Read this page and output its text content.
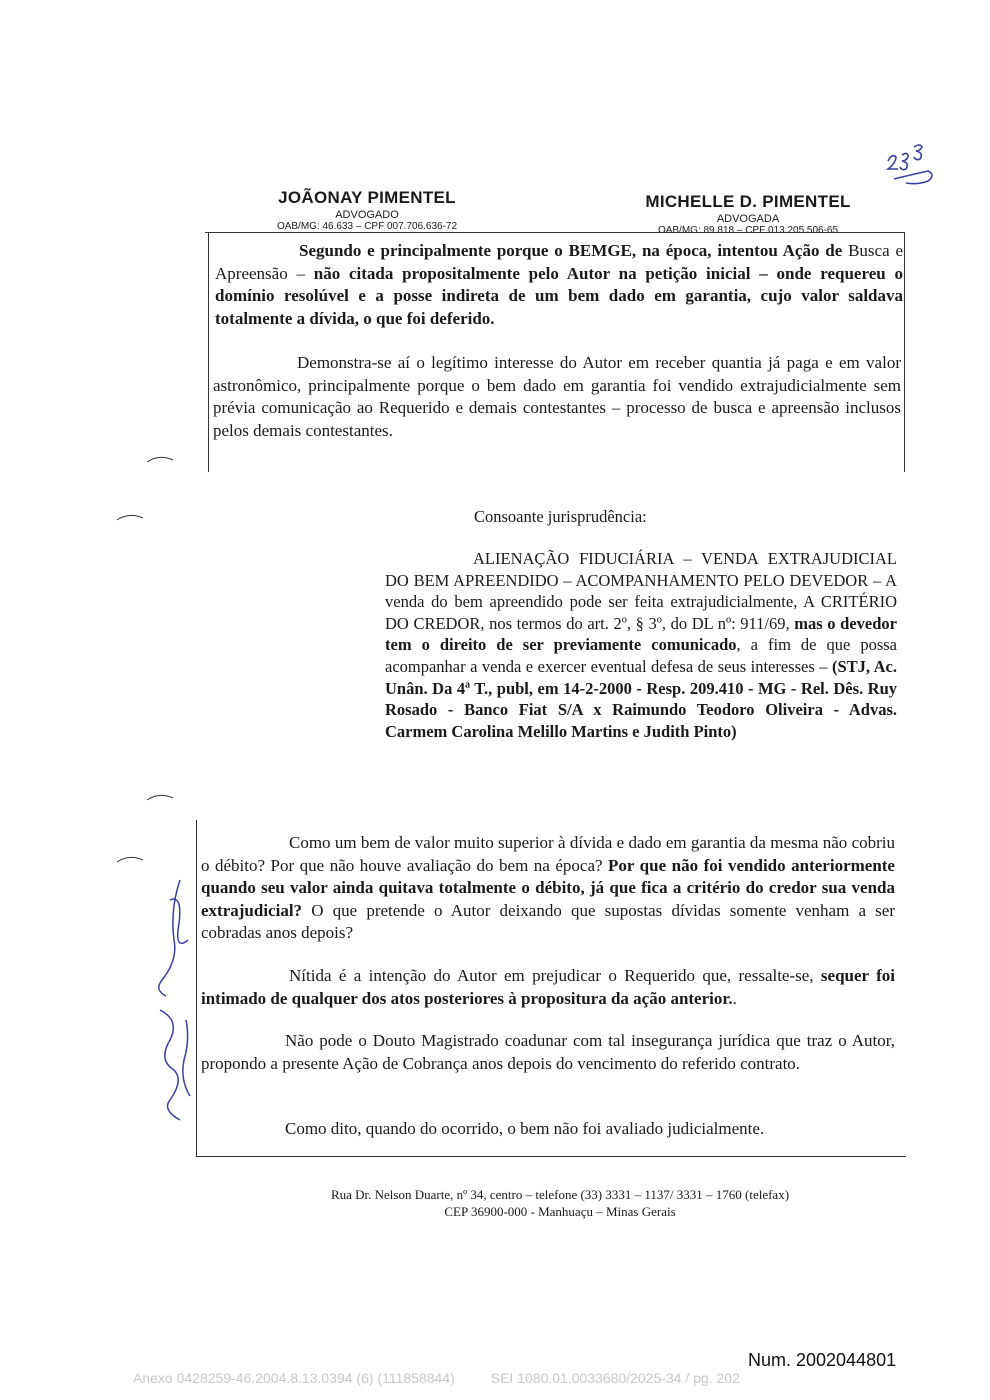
JOÃONAY PIMENTEL
ADVOGADO
OAB/MG: 46.633 – CPF 007.706.636-72
MICHELLE D. PIMENTEL
ADVOGADA
OAB/MG: 89.818 – CPF 013.205.506-65
Segundo e principalmente porque o BEMGE, na época, intentou Ação de Busca e Apreensão – não citada propositalmente pelo Autor na petição inicial – onde requereu o domínio resolúvel e a posse indireta de um bem dado em garantia, cujo valor saldava totalmente a dívida, o que foi deferido.
Demonstra-se aí o legítimo interesse do Autor em receber quantia já paga e em valor astronômico, principalmente porque o bem dado em garantia foi vendido extrajudicialmente sem prévia comunicação ao Requerido e demais contestantes – processo de busca e apreensão inclusos pelos demais contestantes.
Consoante jurisprudência:
ALIENAÇÃO FIDUCIÁRIA – VENDA EXTRAJUDICIAL DO BEM APREENDIDO – ACOMPANHAMENTO PELO DEVEDOR – A venda do bem apreendido pode ser feita extrajudicialmente, A CRITÉRIO DO CREDOR, nos termos do art. 2º, § 3º, do DL nº: 911/69, mas o devedor tem o direito de ser previamente comunicado, a fim de que possa acompanhar a venda e exercer eventual defesa de seus interesses – (STJ, Ac. Unân. Da 4ª T., publ, em 14-2-2000 - Resp. 209.410 - MG - Rel. Dês. Ruy Rosado - Banco Fiat S/A x Raimundo Teodoro Oliveira - Advas. Carmem Carolina Melillo Martins e Judith Pinto)
Como um bem de valor muito superior à dívida e dado em garantia da mesma não cobriu o débito? Por que não houve avaliação do bem na época? Por que não foi vendido anteriormente quando seu valor ainda quitava totalmente o débito, já que fica a critério do credor sua venda extrajudicial? O que pretende o Autor deixando que supostas dívidas somente venham a ser cobradas anos depois?
Nítida é a intenção do Autor em prejudicar o Requerido que, ressalte-se, sequer foi intimado de qualquer dos atos posteriores à propositura da ação anterior..
Não pode o Douto Magistrado coadunar com tal insegurança jurídica que traz o Autor, propondo a presente Ação de Cobrança anos depois do vencimento do referido contrato.
Como dito, quando do ocorrido, o bem não foi avaliado judicialmente.
Rua Dr. Nelson Duarte, nº 34, centro – telefone (33) 3331 – 1137/ 3331 – 1760 (telefax)
CEP 36900-000 - Manhuaçu – Minas Gerais
Num. 2002044801
Anexo 0428259-46.2004.8.13.0394 (6) (111858844)	SEI 1080.01.0033680/2025-34 / pg. 202
